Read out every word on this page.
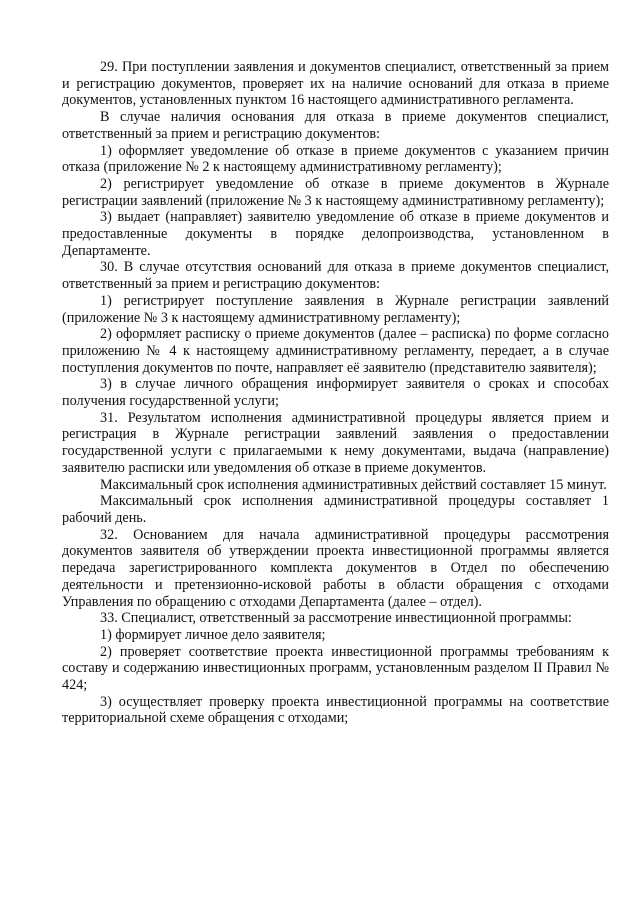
29. При поступлении заявления и документов специалист, ответственный за прием и регистрацию документов, проверяет их на наличие оснований для отказа в приеме документов, установленных пунктом 16 настоящего административного регламента.

В случае наличия основания для отказа в приеме документов специалист, ответственный за прием и регистрацию документов:

1) оформляет уведомление об отказе в приеме документов с указанием причин отказа (приложение № 2 к настоящему административному регламенту);

2) регистрирует уведомление об отказе в приеме документов в Журнале регистрации заявлений (приложение № 3 к настоящему административному регламенту);

3) выдает (направляет) заявителю уведомление об отказе в приеме документов и предоставленные документы в порядке делопроизводства, установленном в Департаменте.

30. В случае отсутствия оснований для отказа в приеме документов специалист, ответственный за прием и регистрацию документов:

1) регистрирует поступление заявления в Журнале регистрации заявлений (приложение № 3 к настоящему административному регламенту);

2) оформляет расписку о приеме документов (далее – расписка) по форме согласно приложению № 4 к настоящему административному регламенту, передает, а в случае поступления документов по почте, направляет её заявителю (представителю заявителя);

3) в случае личного обращения информирует заявителя о сроках и способах получения государственной услуги;

31. Результатом исполнения административной процедуры является прием и регистрация в Журнале регистрации заявлений заявления о предоставлении государственной услуги с прилагаемыми к нему документами, выдача (направление) заявителю расписки или уведомления об отказе в приеме документов.

Максимальный срок исполнения административных действий составляет 15 минут.

Максимальный срок исполнения административной процедуры составляет 1 рабочий день.

32. Основанием для начала административной процедуры рассмотрения документов заявителя об утверждении проекта инвестиционной программы является передача зарегистрированного комплекта документов в Отдел по обеспечению деятельности и претензионно-исковой работы в области обращения с отходами Управления по обращению с отходами Департамента (далее – отдел).

33. Специалист, ответственный за рассмотрение инвестиционной программы:

1) формирует личное дело заявителя;

2) проверяет соответствие проекта инвестиционной программы требованиям к составу и содержанию инвестиционных программ, установленным разделом II Правил № 424;

3) осуществляет проверку проекта инвестиционной программы на соответствие территориальной схеме обращения с отходами;
